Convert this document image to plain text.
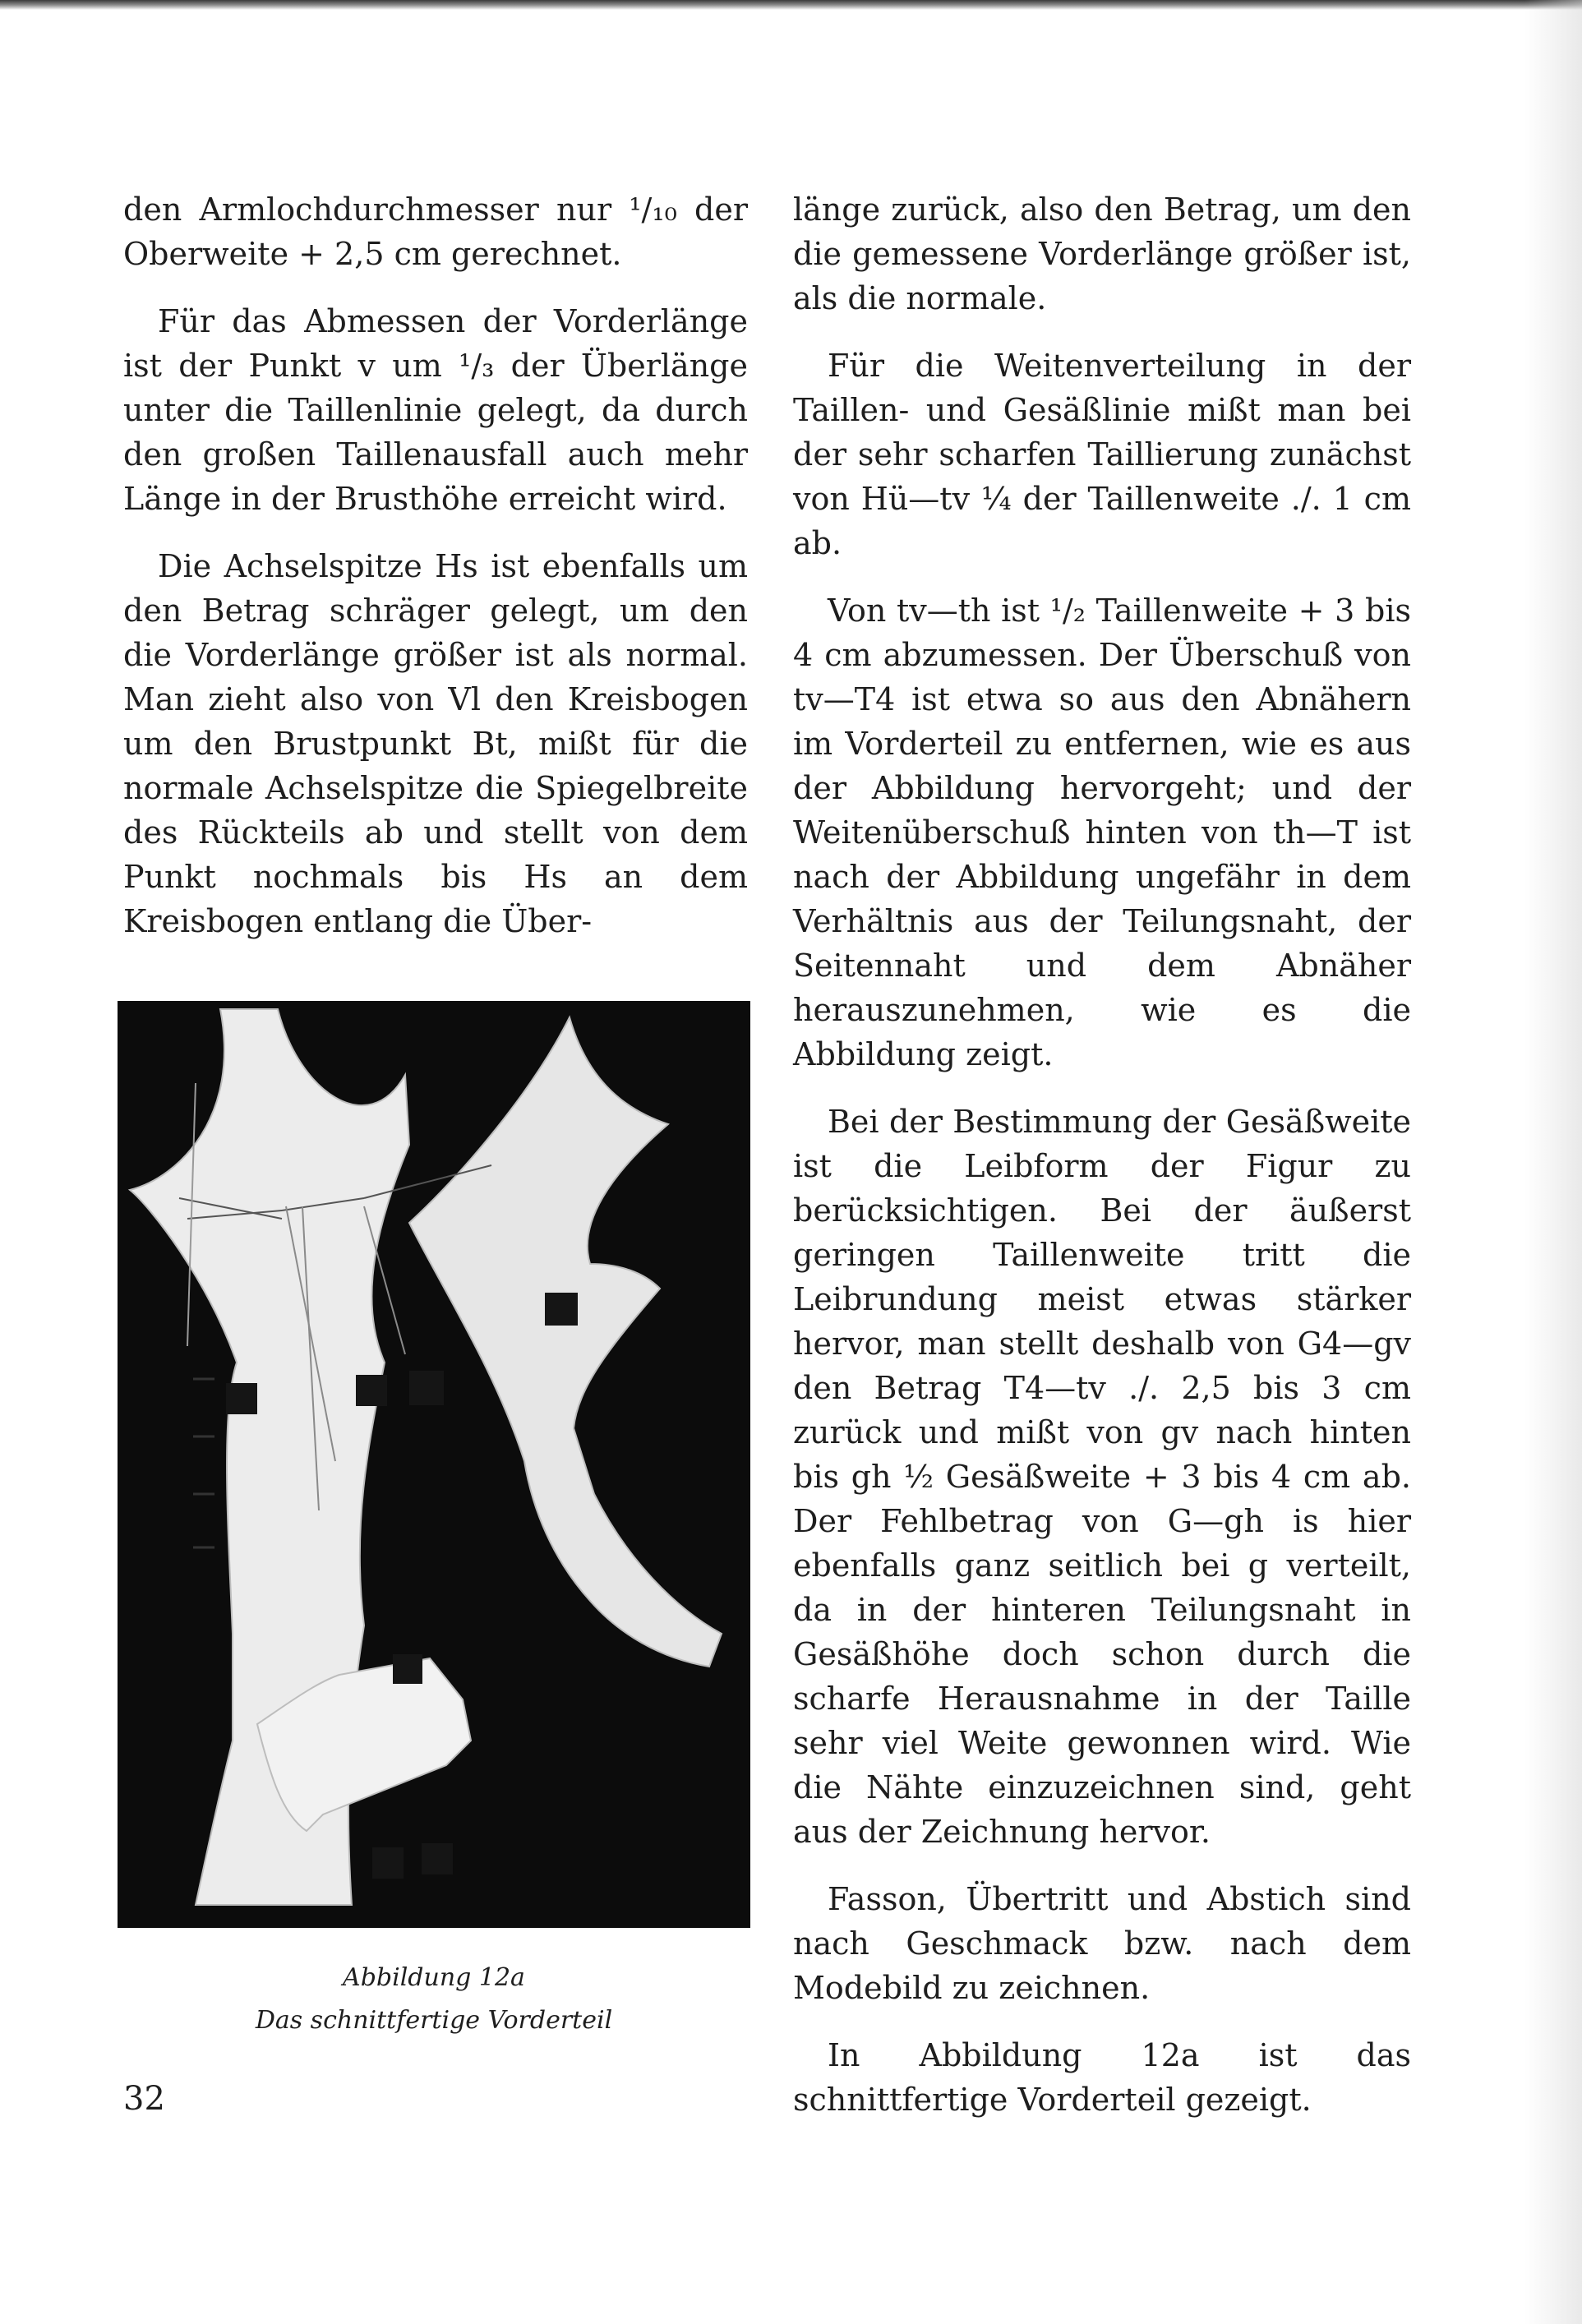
den Armlochdurchmesser nur ¹/₁₀ der Oberweite + 2,5 cm gerechnet.

Für das Abmessen der Vorderlänge ist der Punkt v um ¹/₃ der Überlänge unter die Taillenlinie gelegt, da durch den großen Taillenausfall auch mehr Länge in der Brusthöhe erreicht wird.

Die Achselspitze Hs ist ebenfalls um den Betrag schräger gelegt, um den die Vorderlänge größer ist als normal. Man zieht also von Vl den Kreisbogen um den Brustpunkt Bt, mißt für die normale Achselspitze die Spiegelbreite des Rückteils ab und stellt von dem Punkt nochmals bis Hs an dem Kreisbogen entlang die Über-

Abbildung 12a
Das schnittfertige Vorderteil

länge zurück, also den Betrag, um den die gemessene Vorderlänge größer ist, als die normale.

Für die Weitenverteilung in der Taillen- und Gesäßlinie mißt man bei der sehr scharfen Taillierung zunächst von Hü—tv ¼ der Taillenweite ./. 1 cm ab.

Von tv—th ist ¹/₂ Taillenweite + 3 bis 4 cm abzumessen. Der Überschuß von tv—T4 ist etwa so aus den Abnähern im Vorderteil zu entfernen, wie es aus der Abbildung hervorgeht; und der Weitenüberschuß hinten von th—T ist nach der Abbildung ungefähr in dem Verhältnis aus der Teilungsnaht, der Seitennaht und dem Abnäher herauszunehmen, wie es die Abbildung zeigt.

Bei der Bestimmung der Gesäßweite ist die Leibform der Figur zu berücksichtigen. Bei der äußerst geringen Taillenweite tritt die Leibrundung meist etwas stärker hervor, man stellt deshalb von G4—gv den Betrag T4—tv ./. 2,5 bis 3 cm zurück und mißt von gv nach hinten bis gh ½ Gesäßweite + 3 bis 4 cm ab. Der Fehlbetrag von G—gh is hier ebenfalls ganz seitlich bei g verteilt, da in der hinteren Teilungsnaht in Gesäßhöhe doch schon durch die scharfe Herausnahme in der Taille sehr viel Weite gewonnen wird. Wie die Nähte einzuzeichnen sind, geht aus der Zeichnung hervor.

Fasson, Übertritt und Abstich sind nach Geschmack bzw. nach dem Modebild zu zeichnen.

In Abbildung 12a ist das schnittfertige Vorderteil gezeigt.

32
